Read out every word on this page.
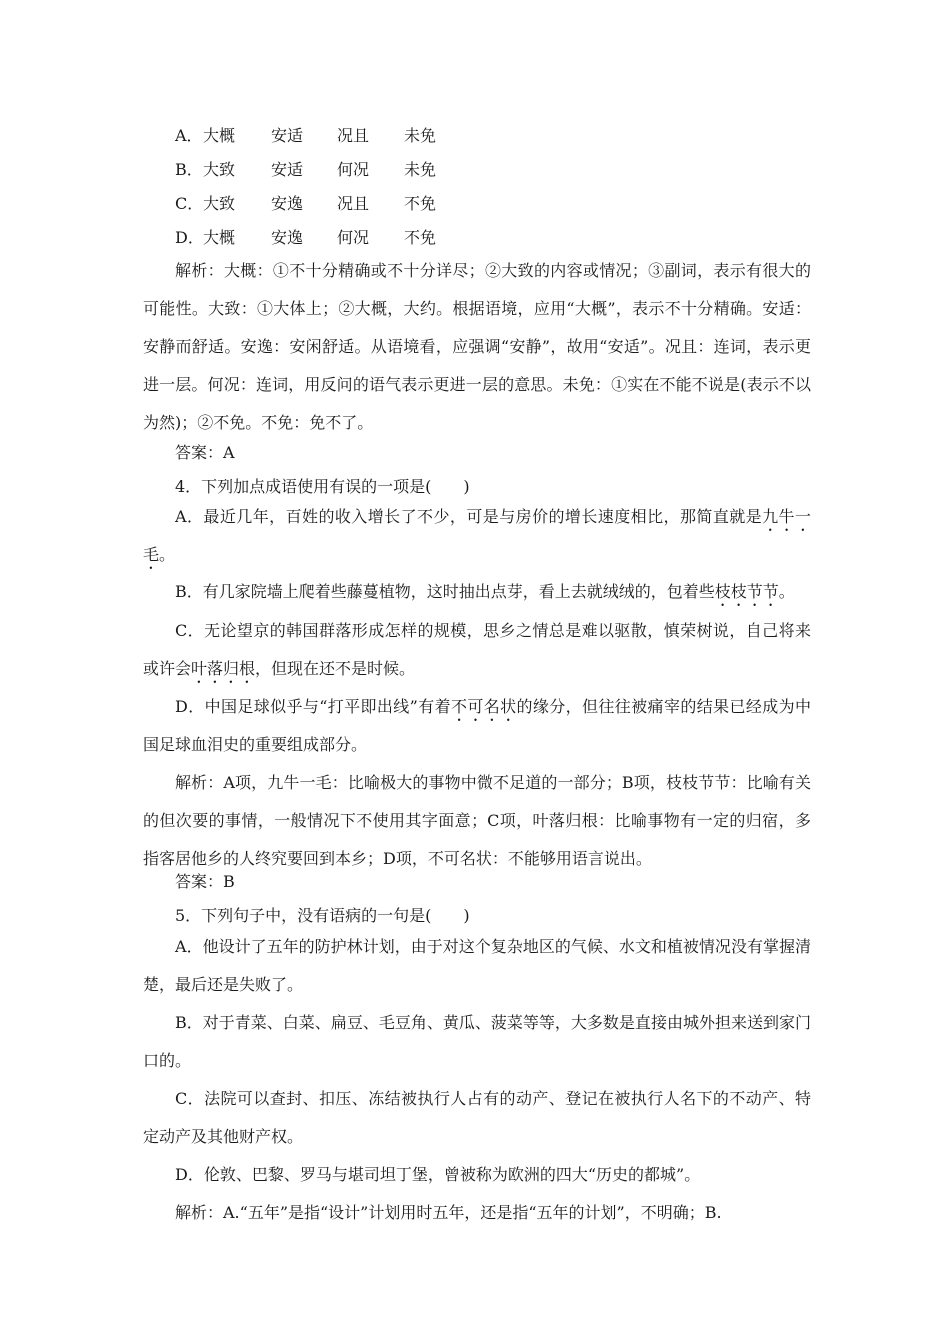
A． 大概 安适 况且 未免
B． 大致 安适 何况 未免
C． 大致 安逸 况且 不免
D． 大概 安逸 何况 不免
解析：大概：①不十分精确或不十分详尽；②大致的内容或情况；③副词，表示有很大的可能性。大致：①大体上；②大概，大约。根据语境，应用“大概”，表示不十分精确。安适：安静而舒适。安逸：安闲舒适。从语境看，应强调“安静”，故用“安适”。况且：连词，表示更进一层。何况：连词，用反问的语气表示更进一层的意思。未免：①实在不能不说是(表示不以为然)；②不免。不免：免不了。
答案：A
4．下列加点成语使用有误的一项是(　　)
A．最近几年，百姓的收入增长了不少，可是与房价的增长速度相比，那简直就是九牛一毛。
B．有几家院墙上爬着些藤蔓植物，这时抽出点芽，看上去就绒绒的，包着些枝枝节节。
C．无论望京的韩国群落形成怎样的规模，思乡之情总是难以驱散，慎荣树说，自己将来或许会叶落归根，但现在还不是时候。
D．中国足球似乎与“打平即出线”有着不可名状的缘分，但往往被痛宰的结果已经成为中国足球血泪史的重要组成部分。
解析：A项，九牛一毛：比喻极大的事物中微不足道的一部分；B项，枝枝节节：比喻有关的但次要的事情，一般情况下不使用其字面意；C项，叶落归根：比喻事物有一定的归宿，多指客居他乡的人终究要回到本乡；D项，不可名状：不能够用语言说出。
答案：B
5．下列句子中，没有语病的一句是(　　)
A．他设计了五年的防护林计划，由于对这个复杂地区的气候、水文和植被情况没有掌握清楚，最后还是失败了。
B．对于青菜、白菜、扁豆、毛豆角、黄瓜、菠菜等等，大多数是直接由城外担来送到家门口的。
C．法院可以查封、扣压、冻结被执行人占有的动产、登记在被执行人名下的不动产、特定动产及其他财产权。
D．伦敦、巴黎、罗马与堪司坦丁堡，曾被称为欧洲的四大“历史的都城”。
解析：A.“五年”是指“设计”计划用时五年，还是指“五年的计划”，不明确；B.
